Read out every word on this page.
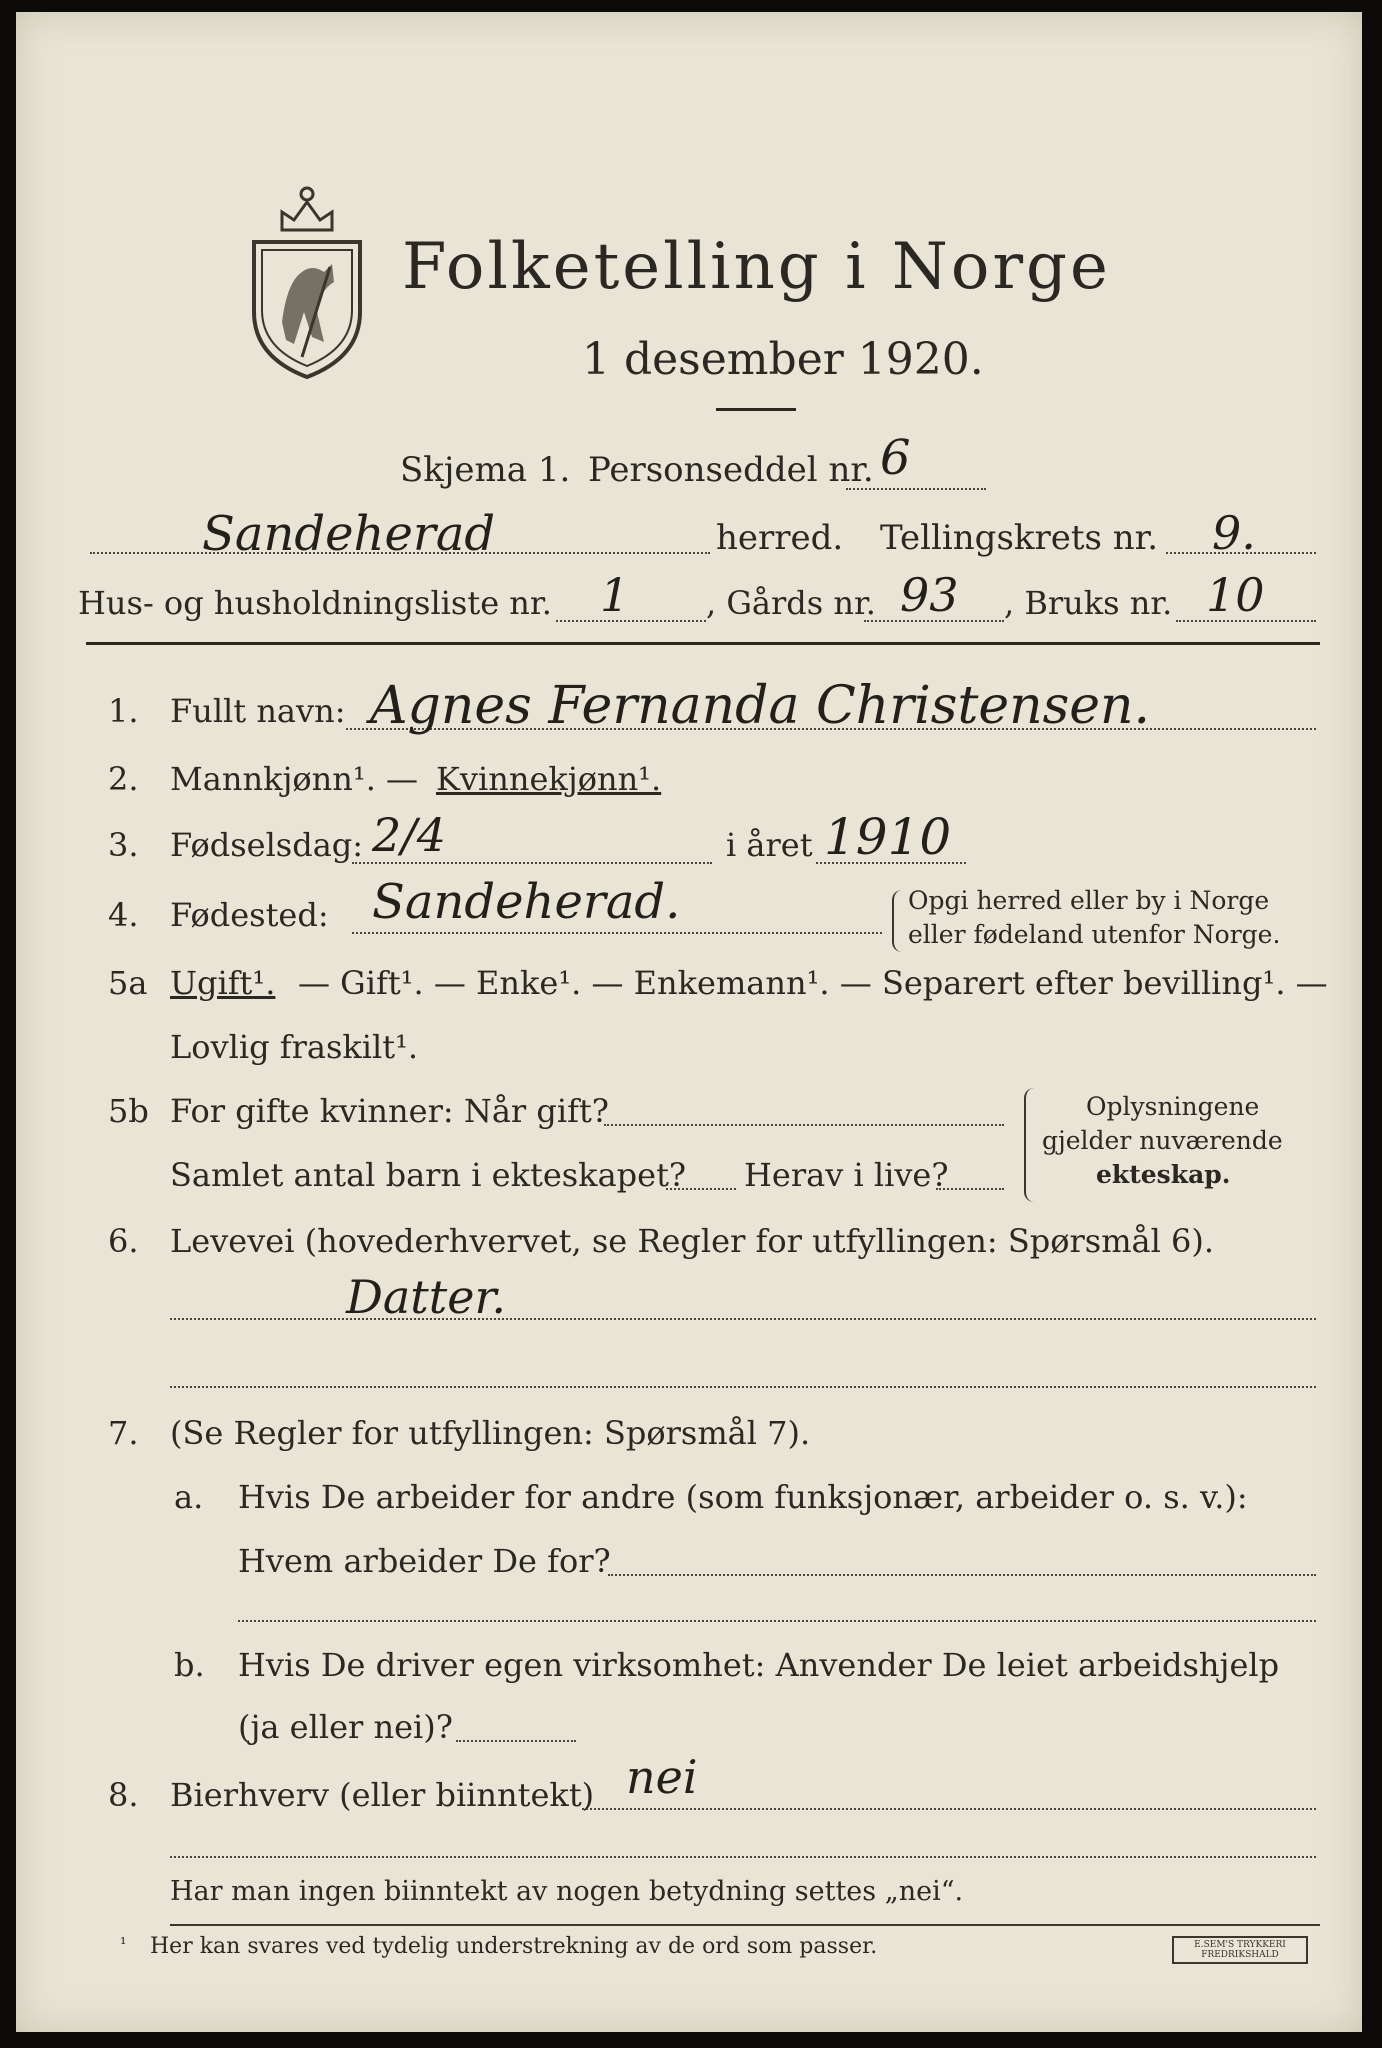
Folketelling i Norge
1 desember 1920.
Skjema 1. Personseddel nr. 6
Sandeherad	herred. Tellingskrets nr. 9.
Hus- og husholdningsliste nr. 1 , Gårds nr. 93 , Bruks nr. 10
1. Fullt navn: Agnes Fernanda Christensen.
2. Mannkjønn¹. — Kvinnekjønn¹.
3. Fødselsdag: 2/4	i året 1910
4. Fødested: Sandeherad.	Opgi herred eller by i Norge
eller fødeland utenfor Norge.
5a Ugift¹. — Gift¹. — Enke¹. — Enkemann¹. — Separert efter bevilling¹. —
Lovlig fraskilt¹.
5b For gifte kvinner: Når gift?
Samlet antal barn i ekteskapet? Herav i live?
Oplysningene
gjelder nuværende
ekteskap.
6. Levevei (hovederhvervet, se Regler for utfyllingen: Spørsmål 6).
Datter.
7. (Se Regler for utfyllingen: Spørsmål 7).
a. Hvis De arbeider for andre (som funksjonær, arbeider o. s. v.):
Hvem arbeider De for?
b. Hvis De driver egen virksomhet: Anvender De leiet arbeidshjelp
(ja eller nei)?
8. Bierhverv (eller biinntekt) nei
Har man ingen biinntekt av nogen betydning settes „nei“.
¹ Her kan svares ved tydelig understrekning av de ord som passer.	E.SEM'S TRYKKERI FREDRIKSHALD
